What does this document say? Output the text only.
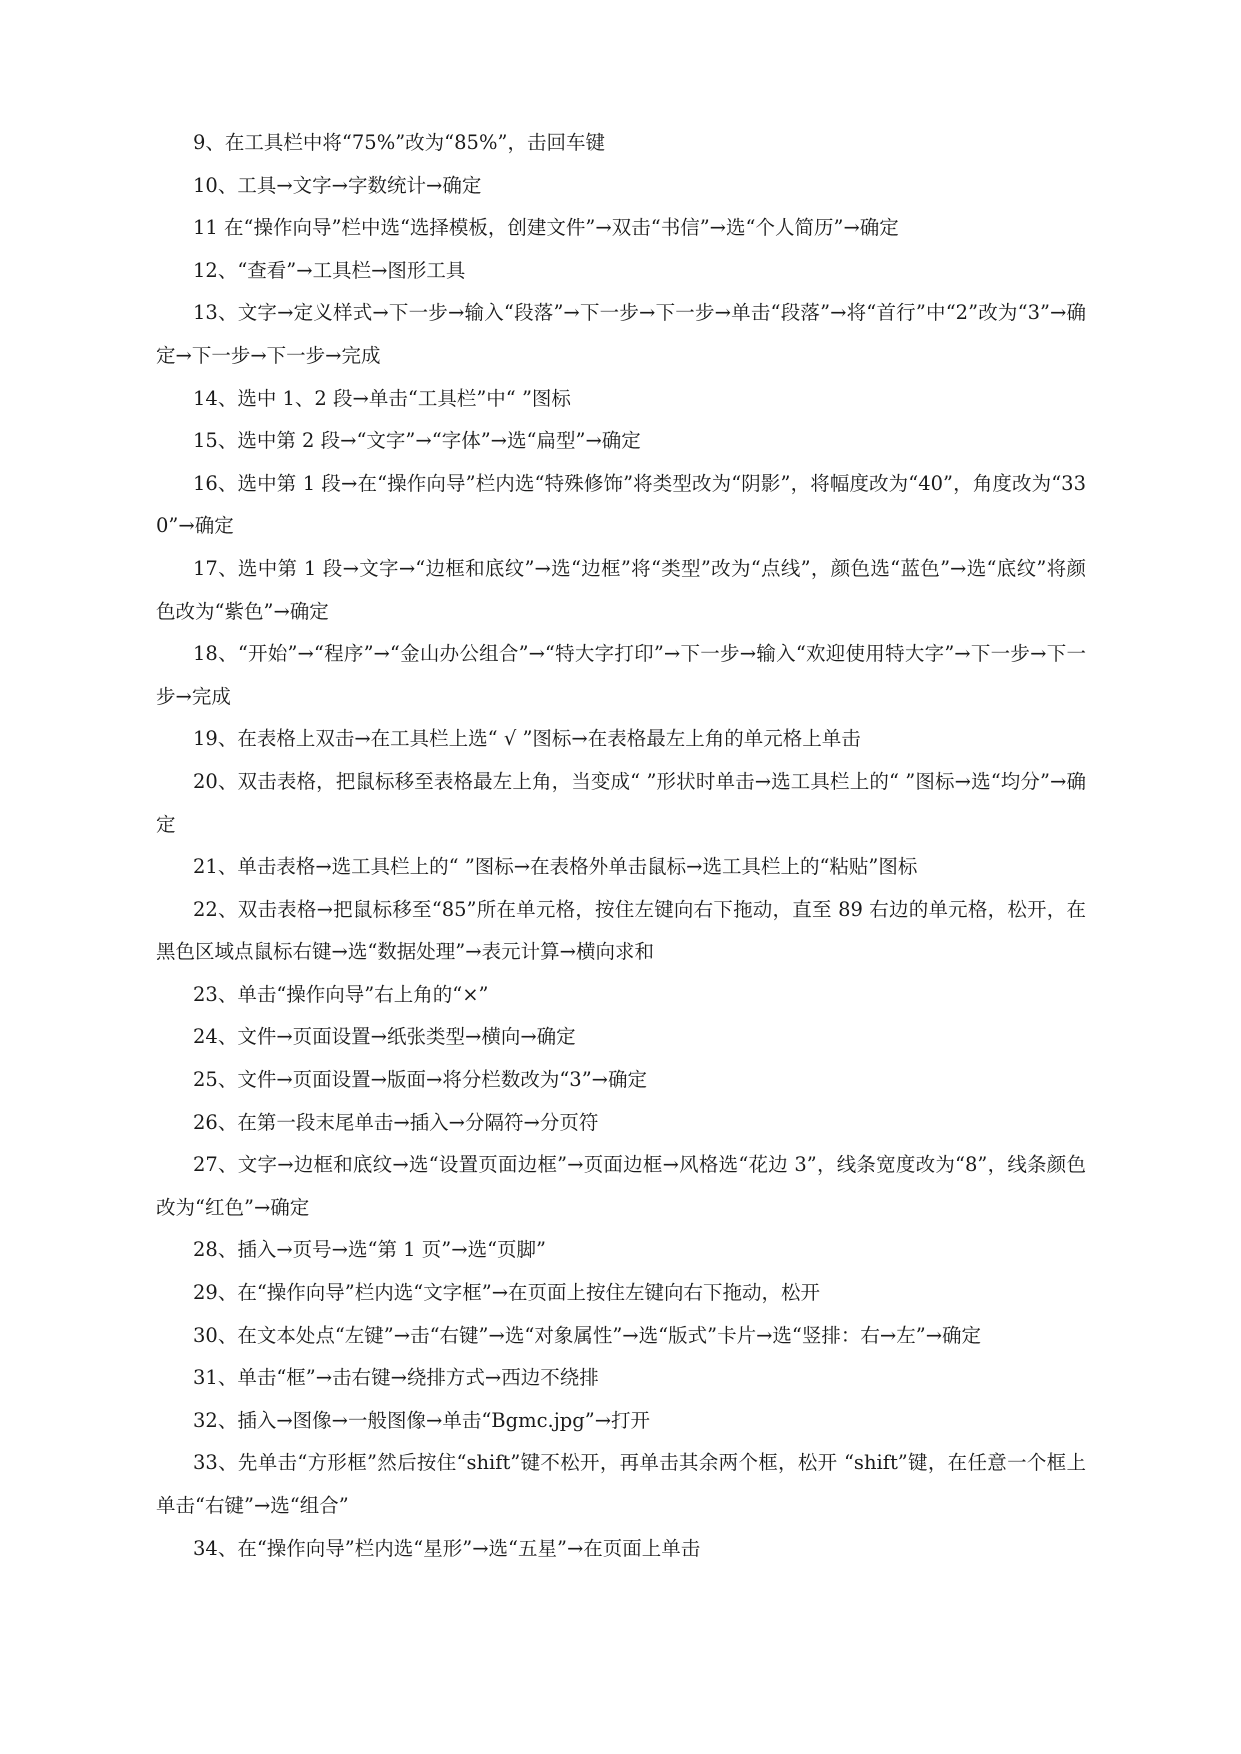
9、在工具栏中将“75%”改为“85%”，击回车键

10、工具→文字→字数统计→确定

11 在“操作向导”栏中选“选择模板，创建文件”→双击“书信”→选“个人简历”→确定

12、“查看”→工具栏→图形工具

13、文字→定义样式→下一步→输入“段落”→下一步→下一步→单击“段落”→将“首行”中“2”改为“3”→确定→下一步→下一步→完成

14、选中 1、2 段→单击“工具栏”中“ ”图标

15、选中第 2 段→“文字”→“字体”→选“扁型”→确定

16、选中第 1 段→在“操作向导”栏内选“特殊修饰”将类型改为“阴影”，将幅度改为“40”，角度改为“330”→确定

17、选中第 1 段→文字→“边框和底纹”→选“边框”将“类型”改为“点线”，颜色选“蓝色”→选“底纹”将颜色改为“紫色”→确定

18、“开始”→“程序”→“金山办公组合”→“特大字打印”→下一步→输入“欢迎使用特大字”→下一步→下一步→完成

19、在表格上双击→在工具栏上选“ √ ”图标→在表格最左上角的单元格上单击

20、双击表格，把鼠标移至表格最左上角，当变成“ ”形状时单击→选工具栏上的“ ”图标→选“均分”→确定

21、单击表格→选工具栏上的“ ”图标→在表格外单击鼠标→选工具栏上的“粘贴”图标

22、双击表格→把鼠标移至“85”所在单元格，按住左键向右下拖动，直至 89 右边的单元格，松开，在黑色区域点鼠标右键→选“数据处理”→表元计算→横向求和

23、单击“操作向导”右上角的“×”

24、文件→页面设置→纸张类型→横向→确定

25、文件→页面设置→版面→将分栏数改为“3”→确定

26、在第一段末尾单击→插入→分隔符→分页符

27、文字→边框和底纹→选“设置页面边框”→页面边框→风格选“花边 3”，线条宽度改为“8”，线条颜色改为“红色”→确定

28、插入→页号→选“第 1 页”→选“页脚”

29、在“操作向导”栏内选“文字框”→在页面上按住左键向右下拖动，松开

30、在文本处点“左键”→击“右键”→选“对象属性”→选“版式”卡片→选“竖排：右→左”→确定

31、单击“框”→击右键→绕排方式→西边不绕排

32、插入→图像→一般图像→单击“Bgmc.jpg”→打开

33、先单击“方形框”然后按住“shift”键不松开，再单击其余两个框，松开 “shift”键，在任意一个框上单击“右键”→选“组合”

34、在“操作向导”栏内选“星形”→选“五星”→在页面上单击
